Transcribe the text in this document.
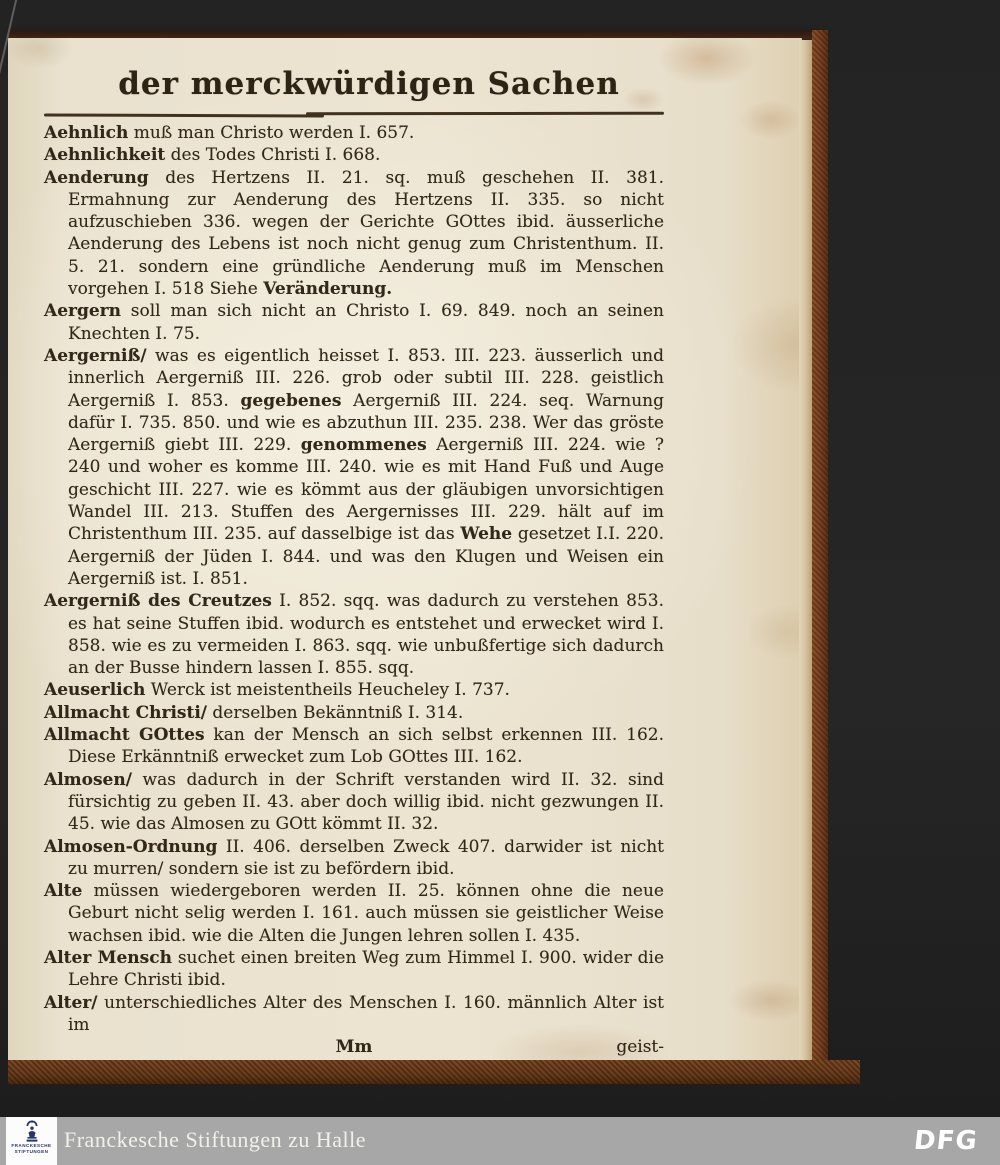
der merckwürdigen Sachen

Aehnlich muß man Christo werden I. 657.

Aehnlichkeit des Todes Christi I. 668.

Aenderung des Hertzens II. 21. sq. muß geschehen II. 381. Ermahnung zur Aenderung des Hertzens II. 335. so nicht aufzuschieben 336. wegen der Gerichte GOttes ibid. äusserliche Aenderung des Lebens ist noch nicht genug zum Christenthum. II. 5. 21. sondern eine gründliche Aenderung muß im Menschen vorgehen I. 518 Siehe Veränderung.

Aergern soll man sich nicht an Christo I. 69. 849. noch an seinen Knechten I. 75.

Aergerniß/ was es eigentlich heisset I. 853. III. 223. äusserlich und innerlich Aergerniß III. 226. grob oder subtil III. 228. geistlich Aergerniß I. 853. gegebenes Aergerniß III. 224. seq. Warnung dafür I. 735. 850. und wie es abzuthun III. 235. 238. Wer das gröste Aergerniß giebt III. 229. genommenes Aergerniß III. 224. wie ? 240 und woher es komme III. 240. wie es mit Hand Fuß und Auge geschicht III. 227. wie es kömmt aus der gläubigen unvorsichtigen Wandel III. 213. Stuffen des Aergernisses III. 229. hält auf im Christenthum III. 235. auf dasselbige ist das Wehe gesetzet I.I. 220. Aergerniß der Jüden I. 844. und was den Klugen und Weisen ein Aergerniß ist. I. 851.

Aergerniß des Creutzes I. 852. sqq. was dadurch zu verstehen 853. es hat seine Stuffen ibid. wodurch es entstehet und erwecket wird I. 858. wie es zu vermeiden I. 863. sqq. wie unbußfertige sich dadurch an der Busse hindern lassen I. 855. sqq.

Aeuserlich Werck ist meistentheils Heucheley I. 737.

Allmacht Christi/ derselben Bekänntniß I. 314.

Allmacht GOttes kan der Mensch an sich selbst erkennen III. 162. Diese Erkänntniß erwecket zum Lob GOttes III. 162.

Almosen/ was dadurch in der Schrift verstanden wird II. 32. sind fürsichtig zu geben II. 43. aber doch willig ibid. nicht gezwungen II. 45. wie das Almosen zu GOtt kömmt II. 32.

Almosen-Ordnung II. 406. derselben Zweck 407. darwider ist nicht zu murren/ sondern sie ist zu befördern ibid.

Alte müssen wiedergeboren werden II. 25. können ohne die neue Geburt nicht selig werden I. 161. auch müssen sie geistlicher Weise wachsen ibid. wie die Alten die Jungen lehren sollen I. 435.

Alter Mensch suchet einen breiten Weg zum Himmel I. 900. wider die Lehre Christi ibid.

Alter/ unterschiedliches Alter des Menschen I. 160. männlich Alter ist im

Mm	geist-
FRANCKESCHE
STIFTUNGEN Franckesche Stiftungen zu Halle	DFG
